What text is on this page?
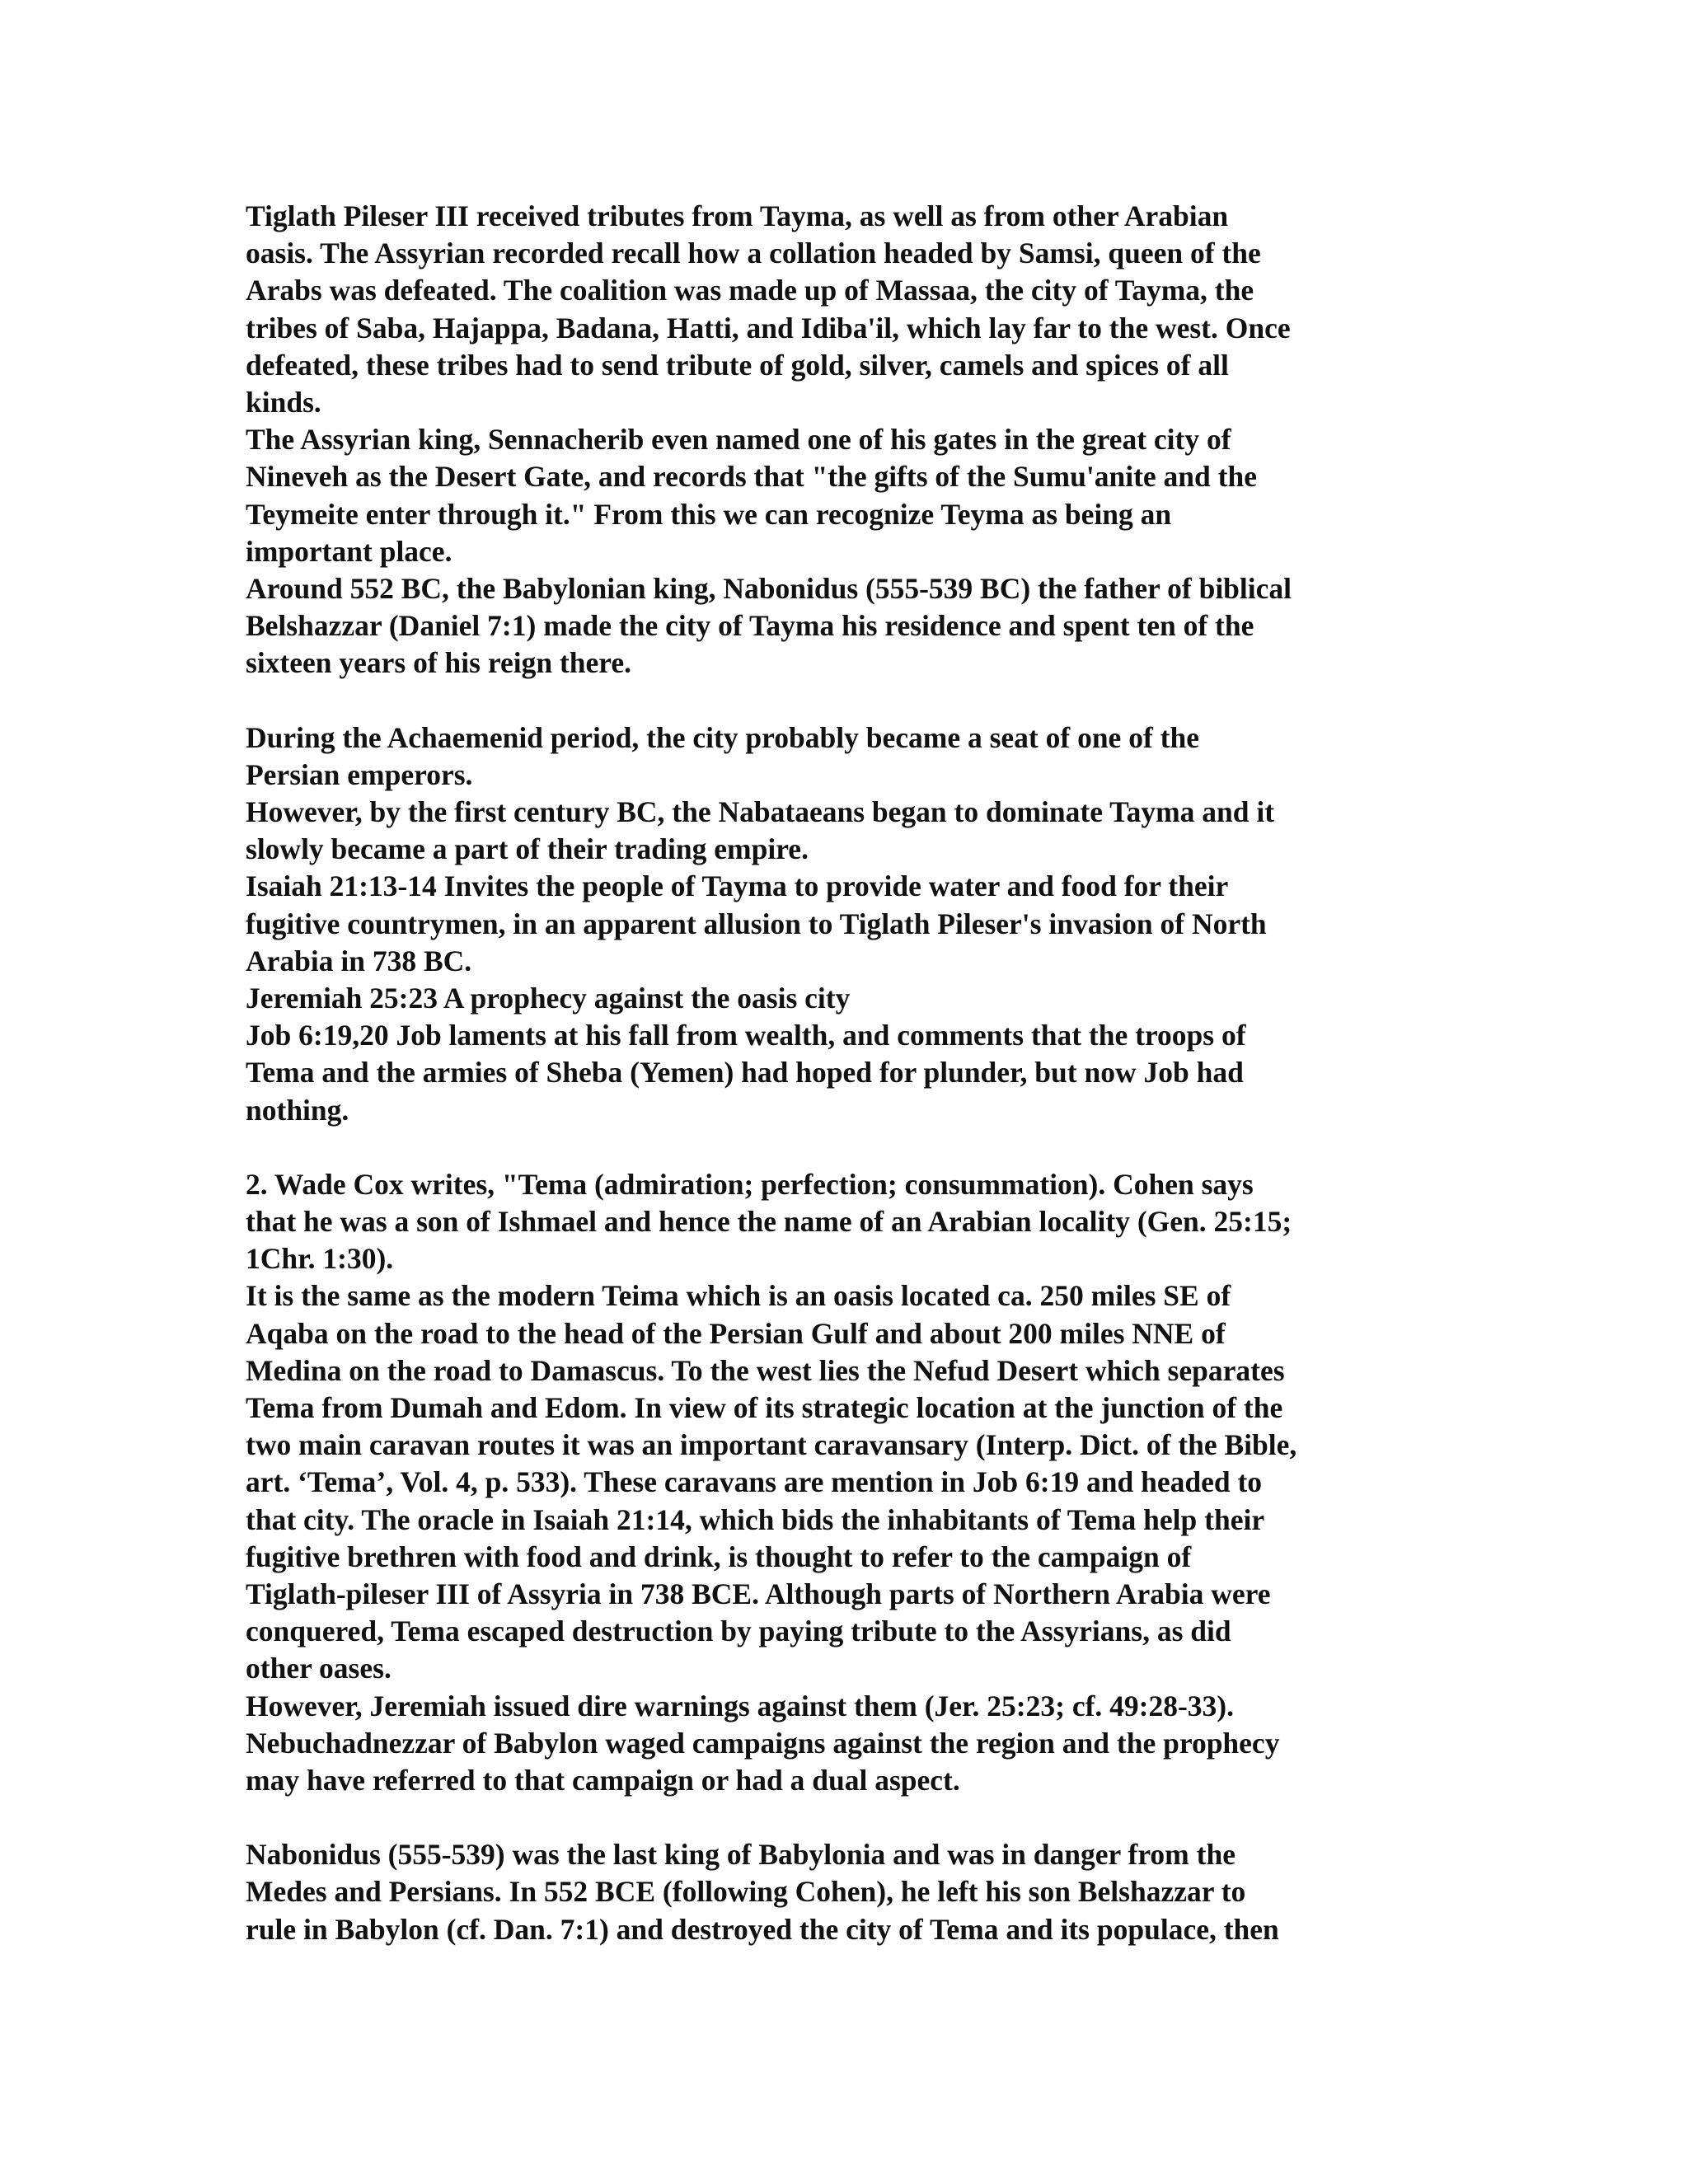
Tiglath Pileser III received tributes from Tayma, as well as from other Arabian
oasis. The Assyrian recorded recall how a collation headed by Samsi, queen of the
Arabs was defeated. The coalition was made up of Massaa, the city of Tayma, the
tribes of Saba, Hajappa, Badana, Hatti, and Idiba'il, which lay far to the west. Once
defeated, these tribes had to send tribute of gold, silver, camels and spices of all
kinds.
The Assyrian king, Sennacherib even named one of his gates in the great city of
Nineveh as the Desert Gate, and records that "the gifts of the Sumu'anite and the
Teymeite enter through it." From this we can recognize Teyma as being an
important place.
Around 552 BC, the Babylonian king, Nabonidus (555-539 BC) the father of biblical
Belshazzar (Daniel 7:1) made the city of Tayma his residence and spent ten of the
sixteen years of his reign there.
During the Achaemenid period, the city probably became a seat of one of the
Persian emperors.
However, by the first century BC, the Nabataeans began to dominate Tayma and it
slowly became a part of their trading empire.
Isaiah 21:13-14 Invites the people of Tayma to provide water and food for their
fugitive countrymen, in an apparent allusion to Tiglath Pileser's invasion of North
Arabia in 738 BC.
Jeremiah 25:23 A prophecy against the oasis city
Job 6:19,20 Job laments at his fall from wealth, and comments that the troops of
Tema and the armies of Sheba (Yemen) had hoped for plunder, but now Job had
nothing.
2. Wade Cox writes, "Tema (admiration; perfection; consummation). Cohen says
that he was a son of Ishmael and hence the name of an Arabian locality (Gen. 25:15;
1Chr. 1:30).
It is the same as the modern Teima which is an oasis located ca. 250 miles SE of
Aqaba on the road to the head of the Persian Gulf and about 200 miles NNE of
Medina on the road to Damascus. To the west lies the Nefud Desert which separates
Tema from Dumah and Edom. In view of its strategic location at the junction of the
two main caravan routes it was an important caravansary (Interp. Dict. of the Bible,
art. ‘Tema’, Vol. 4, p. 533). These caravans are mention in Job 6:19 and headed to
that city. The oracle in Isaiah 21:14, which bids the inhabitants of Tema help their
fugitive brethren with food and drink, is thought to refer to the campaign of
Tiglath-pileser III of Assyria in 738 BCE. Although parts of Northern Arabia were
conquered, Tema escaped destruction by paying tribute to the Assyrians, as did
other oases.
However, Jeremiah issued dire warnings against them (Jer. 25:23; cf. 49:28-33).
Nebuchadnezzar of Babylon waged campaigns against the region and the prophecy
may have referred to that campaign or had a dual aspect.
Nabonidus (555-539) was the last king of Babylonia and was in danger from the
Medes and Persians. In 552 BCE (following Cohen), he left his son Belshazzar to
rule in Babylon (cf. Dan. 7:1) and destroyed the city of Tema and its populace, then
